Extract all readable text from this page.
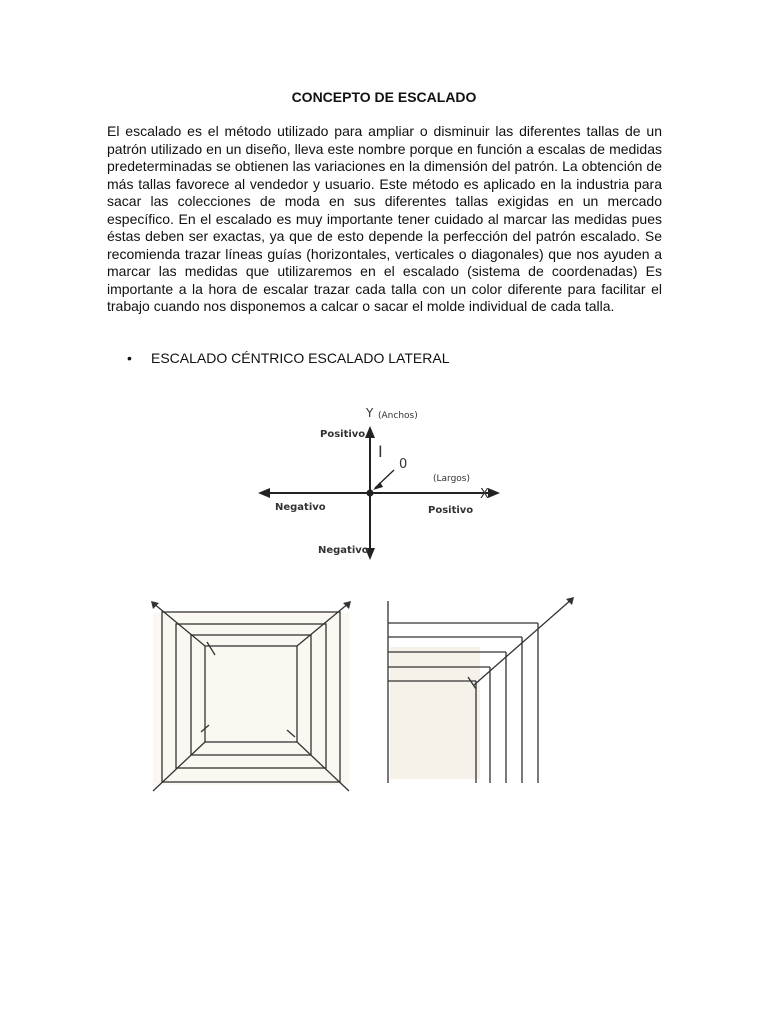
CONCEPTO DE ESCALADO
El escalado es el método utilizado para ampliar o disminuir las diferentes tallas de un patrón utilizado en un diseño, lleva este nombre porque en función a escalas de medidas predeterminadas se obtienen las variaciones en la dimensión del patrón. La obtención de más tallas favorece al vendedor y usuario. Este método es aplicado en la industria para sacar las colecciones de moda en sus diferentes tallas exigidas en un mercado específico. En el escalado es muy importante tener cuidado al marcar las medidas pues éstas deben ser exactas, ya que de esto depende la perfección del patrón escalado. Se recomienda trazar líneas guías (horizontales, verticales o diagonales) que nos ayuden a marcar las medidas que utilizaremos en el escalado (sistema de coordenadas) Es importante a la hora de escalar trazar cada talla con un color diferente para facilitar el trabajo cuando nos disponemos a calcar o sacar el molde individual de cada talla.
• ESCALADO CÉNTRICO ESCALADO LATERAL
Y (Anchos)
Positivo
I
0
(Largos)
X
Negativo	Positivo
Negativo
